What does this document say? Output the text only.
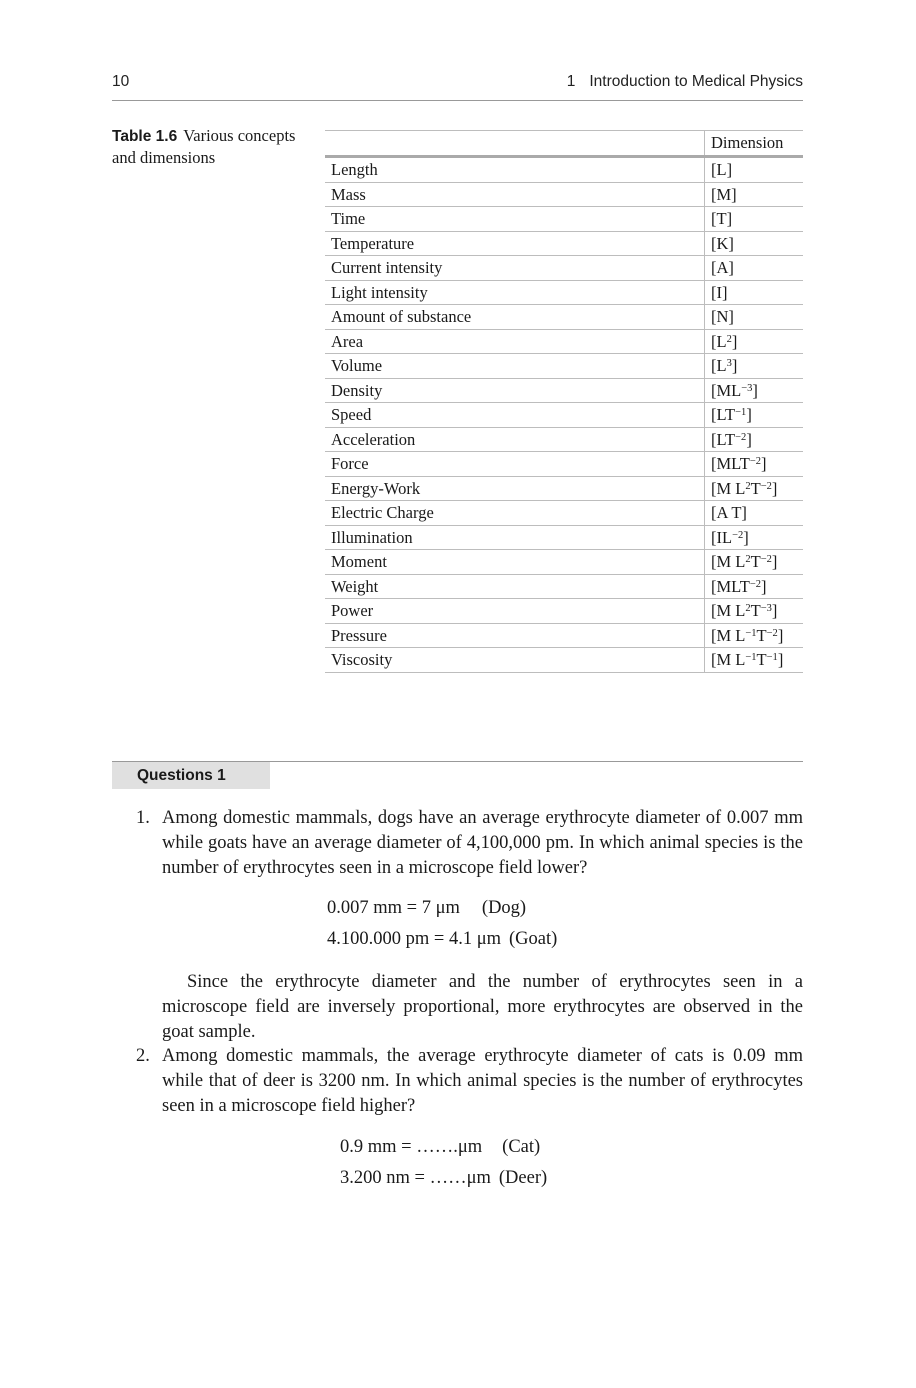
10	1 Introduction to Medical Physics
Table 1.6 Various concepts and dimensions
	Dimension
Length	[L]
Mass	[M]
Time	[T]
Temperature	[K]
Current intensity	[A]
Light intensity	[I]
Amount of substance	[N]
Area	$[L^2]$
Volume	$[L^3]$
Density	$[ML^{-3}]$
Speed	$[LT^{-1}]$
Acceleration	$[LT^{-2}]$
Force	$[MLT^{-2}]$
Energy-Work	[M $L^2T^{-2}$]
Electric Charge	[A T]
Illumination	$[IL^{-2}]$
Moment	[M $L^2T^{-2}$]
Weight	$[MLT^{-2}]$
Power	[M $L^2T^{-3}$]
Pressure	[M $L^{-1}T^{-2}$]
Viscosity	[M $L^{-1}T^{-1}$]
Questions 1
1. Among domestic mammals, dogs have an average erythrocyte diameter of 0.007 mm while goats have an average diameter of 4,100,000 pm. In which animal species is the number of erythrocytes seen in a microscope field lower?
0.007 mm = 7 μm (Dog)
4.100.000 pm = 4.1 μm (Goat)
Since the erythrocyte diameter and the number of erythrocytes seen in a microscope field are inversely proportional, more erythrocytes are observed in the goat sample.
2. Among domestic mammals, the average erythrocyte diameter of cats is 0.09 mm while that of deer is 3200 nm. In which animal species is the number of erythrocytes seen in a microscope field higher?
0.9 mm = …….μm (Cat)
3.200 nm = ……μm (Deer)
